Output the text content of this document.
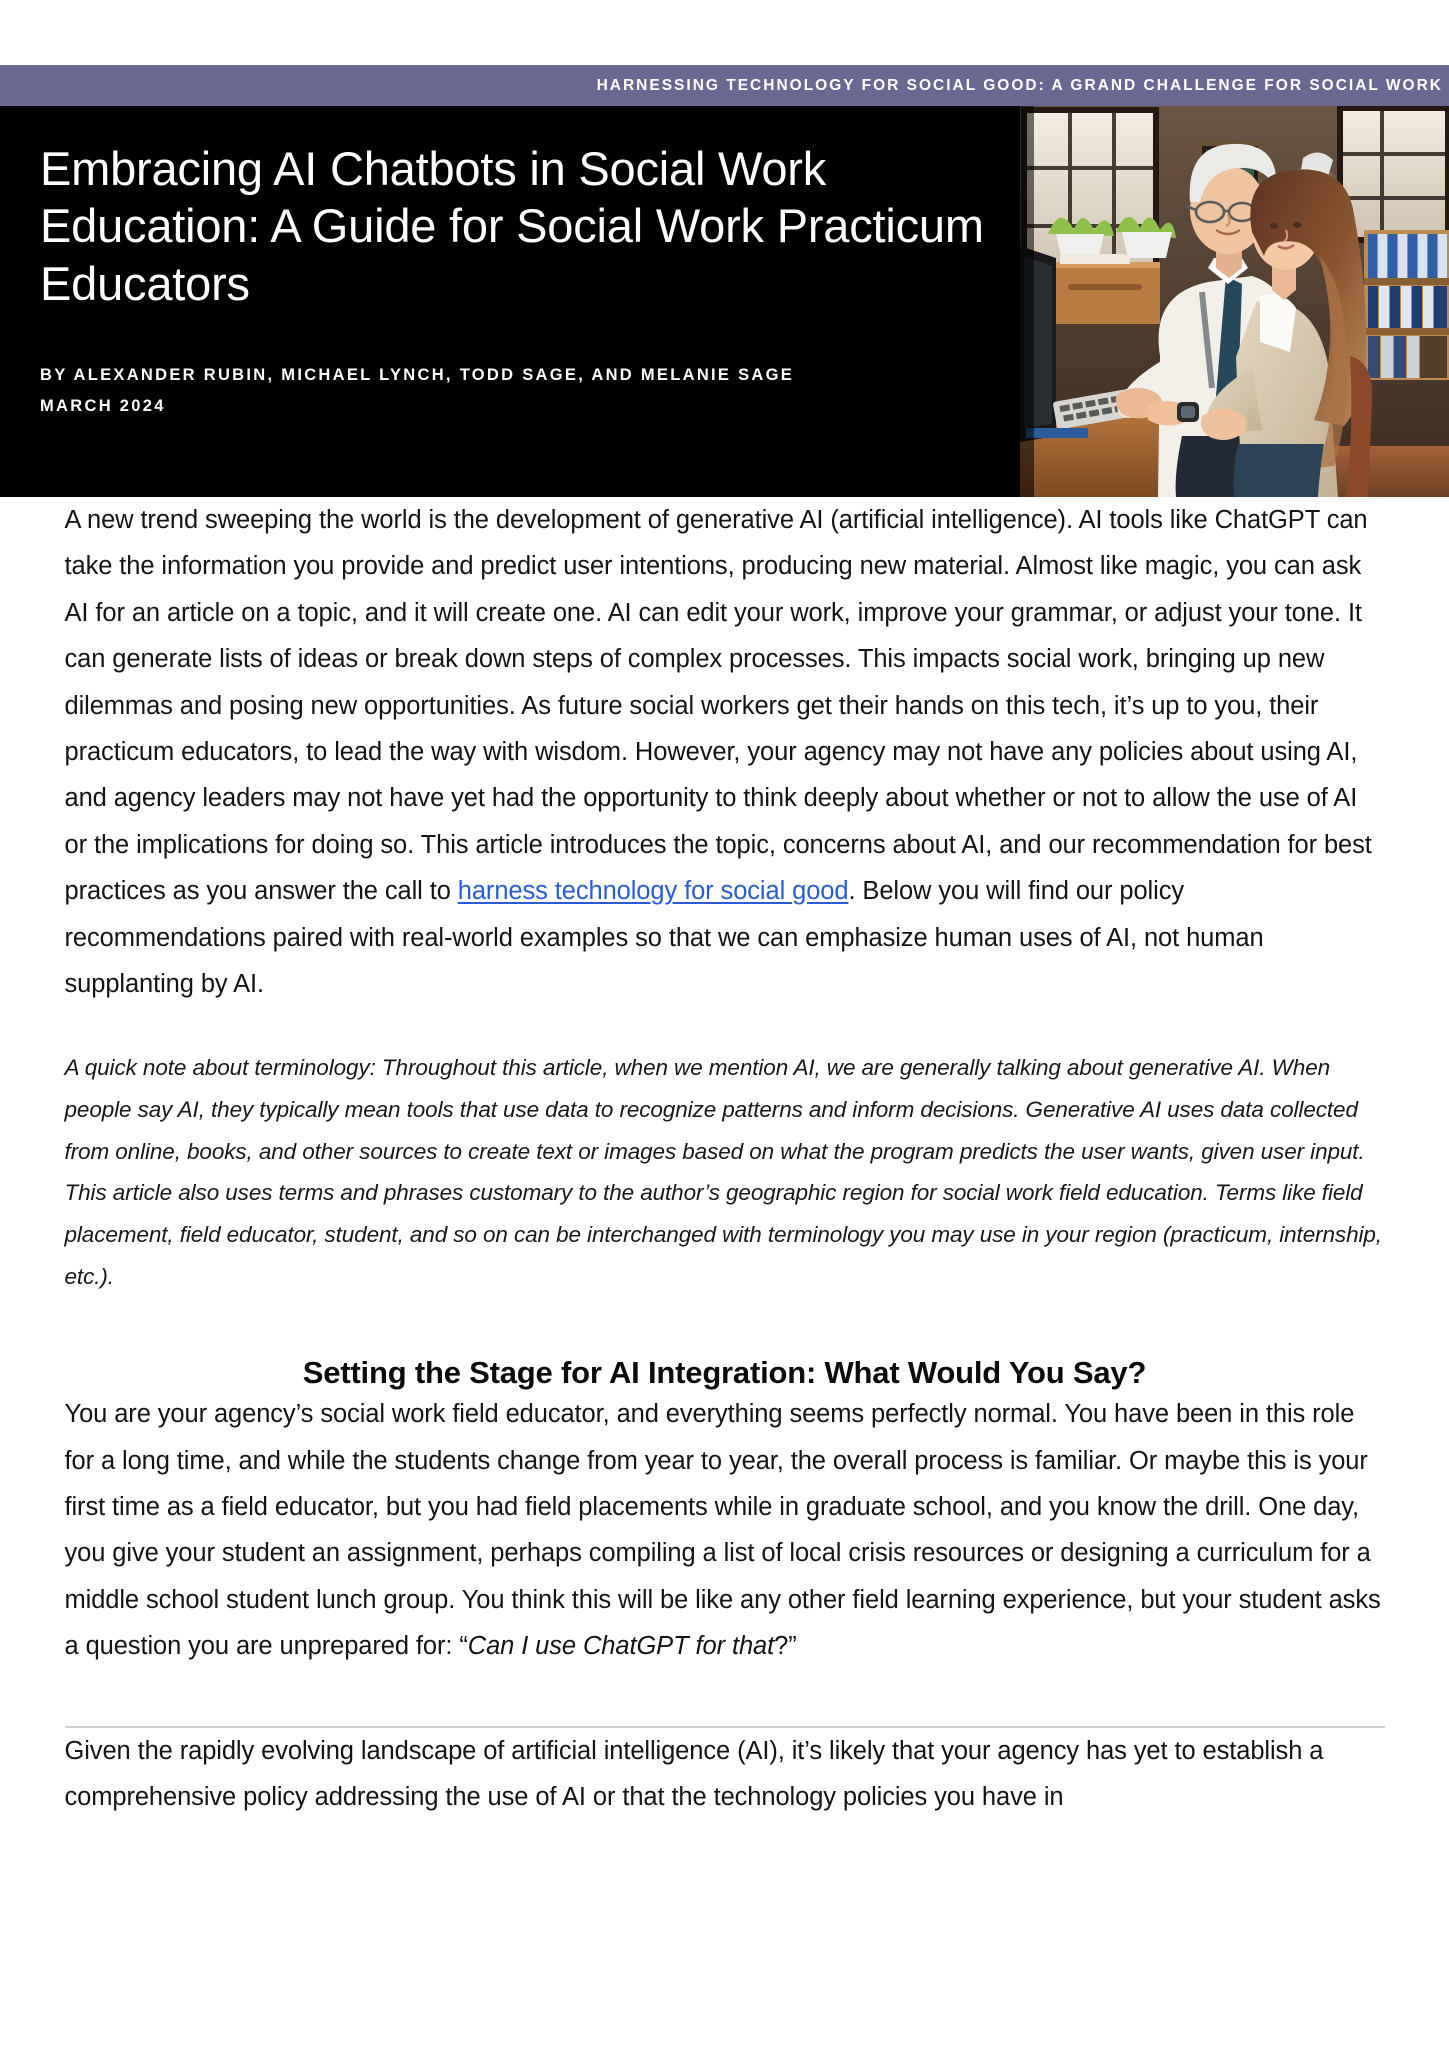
HARNESSING TECHNOLOGY FOR SOCIAL GOOD: A GRAND CHALLENGE FOR SOCIAL WORK
Embracing AI Chatbots in Social Work Education: A Guide for Social Work Practicum Educators
BY ALEXANDER RUBIN, MICHAEL LYNCH, TODD SAGE, AND MELANIE SAGE
MARCH 2024

A new trend sweeping the world is the development of generative AI (artificial intelligence). AI tools like ChatGPT can take the information you provide and predict user intentions, producing new material. Almost like magic, you can ask AI for an article on a topic, and it will create one. AI can edit your work, improve your grammar, or adjust your tone. It can generate lists of ideas or break down steps of complex processes. This impacts social work, bringing up new dilemmas and posing new opportunities. As future social workers get their hands on this tech, it’s up to you, their practicum educators, to lead the way with wisdom. However, your agency may not have any policies about using AI, and agency leaders may not have yet had the opportunity to think deeply about whether or not to allow the use of AI or the implications for doing so. This article introduces the topic, concerns about AI, and our recommendation for best practices as you answer the call to harness technology for social good. Below you will find our policy recommendations paired with real-world examples so that we can emphasize human uses of AI, not human supplanting by AI.

A quick note about terminology: Throughout this article, when we mention AI, we are generally talking about generative AI. When people say AI, they typically mean tools that use data to recognize patterns and inform decisions. Generative AI uses data collected from online, books, and other sources to create text or images based on what the program predicts the user wants, given user input. This article also uses terms and phrases customary to the author’s geographic region for social work field education. Terms like field placement, field educator, student, and so on can be interchanged with terminology you may use in your region (practicum, internship, etc.).

Setting the Stage for AI Integration: What Would You Say?

You are your agency’s social work field educator, and everything seems perfectly normal. You have been in this role for a long time, and while the students change from year to year, the overall process is familiar. Or maybe this is your first time as a field educator, but you had field placements while in graduate school, and you know the drill. One day, you give your student an assignment, perhaps compiling a list of local crisis resources or designing a curriculum for a middle school student lunch group. You think this will be like any other field learning experience, but your student asks a question you are unprepared for: “Can I use ChatGPT for that?”

Given the rapidly evolving landscape of artificial intelligence (AI), it’s likely that your agency has yet to establish a comprehensive policy addressing the use of AI or that the technology policies you have in
